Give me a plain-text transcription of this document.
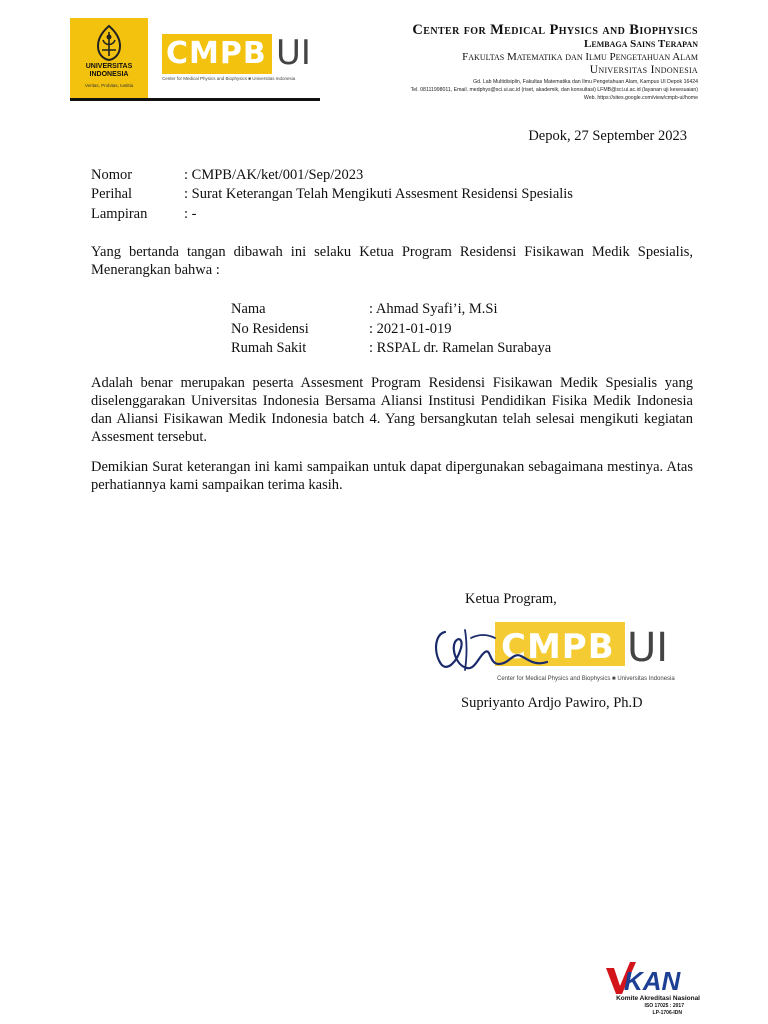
UNIVERSITAS INDONESIA
Veritas, Probitas, Iustitia
CMPB UI
Center for Medical Physics and Biophysics ■ Universitas Indonesia
Center for Medical Physics and Biophysics
Lembaga Sains Terapan
Fakultas Matematika dan Ilmu Pengetahuan Alam
Universitas Indonesia
Gd. Lab Multidisiplin, Fakultas Matematika dan Ilmu Pengetahuan Alam, Kampus UI Depok 16424
Tel. 08111998011, Email. medphys@sci.ui.ac.id (riset, akademik, dan konsultasi) LFMB@sci.ui.ac.id (layanan uji kesesuaian)
Web. https://sites.google.com/view/cmpb-ui/home
Depok, 27 September 2023
Nomor	: CMPB/AK/ket/001/Sep/2023
Perihal	: Surat Keterangan Telah Mengikuti Assesment Residensi Spesialis
Lampiran	: -
Yang bertanda tangan dibawah ini selaku Ketua Program Residensi Fisikawan Medik Spesialis, Menerangkan bahwa :
Nama	: Ahmad Syafi’i, M.Si
No Residensi	: 2021-01-019
Rumah Sakit	: RSPAL dr. Ramelan Surabaya
Adalah benar merupakan peserta Assesment Program Residensi Fisikawan Medik Spesialis yang diselenggarakan Universitas Indonesia Bersama Aliansi Institusi Pendidikan Fisika Medik Indonesia dan Aliansi Fisikawan Medik Indonesia batch 4. Yang bersangkutan telah selesai mengikuti kegiatan Assesment tersebut.
Demikian Surat keterangan ini kami sampaikan untuk dapat dipergunakan sebagaimana mestinya. Atas perhatiannya kami sampaikan terima kasih.
Ketua Program,
CMPB UI
Center for Medical Physics and Biophysics ■ Universitas Indonesia
Supriyanto Ardjo Pawiro, Ph.D
KAN
Komite Akreditasi Nasional
ISO 17025 : 2017
LP-1706-IDN
